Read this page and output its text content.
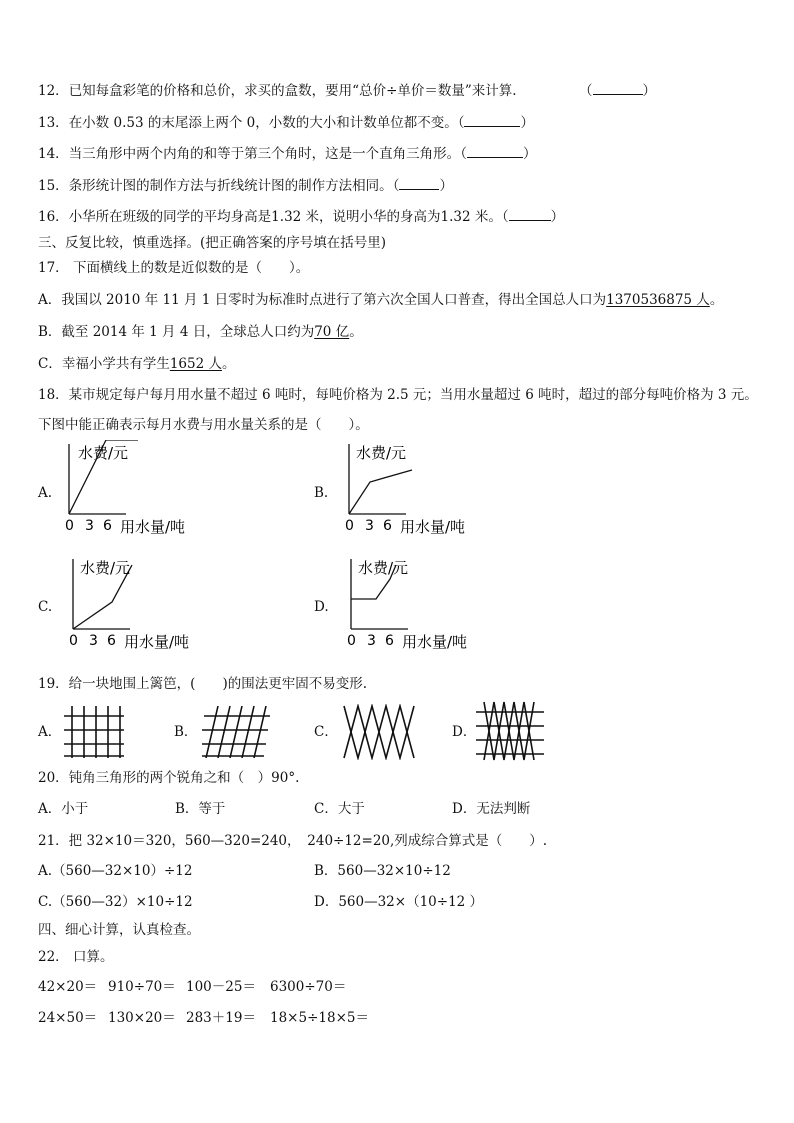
12．已知每盒彩笔的价格和总价，求买的盒数，要用“总价÷单价＝数量”来计算.	（	）
13．在小数 0.53 的末尾添上两个 0，小数的大小和计数单位都不变。（	）
14．当三角形中两个内角的和等于第三个角时，这是一个直角三角形。（	）
15．条形统计图的制作方法与折线统计图的制作方法相同。（	）
16．小华所在班级的同学的平均身高是1.32 米，说明小华的身高为1.32 米。（	）
三、反复比较，慎重选择。(把正确答案的序号填在括号里)
17． 下面横线上的数是近似数的是（　　）。
A．我国以 2010 年 11 月 1 日零时为标准时点进行了第六次全国人口普查，得出全国总人口为1370536875 人。
B．截至 2014 年 1 月 4 日，全球总人口约为70 亿。
C．幸福小学共有学生1652 人。
18．某市规定每户每月用水量不超过 6 吨时，每吨价格为 2.5 元；当用水量超过 6 吨时，超过的部分每吨价格为 3 元。
下图中能正确表示每月水费与用水量关系的是（　　）。
A.	B.
C.	D.
水费/元
0 3 6 用水量/吨
水费/元
0 3 6 用水量/吨
水费/元
0 3 6 用水量/吨
水费/元
0 3 6 用水量/吨
19．给一块地围上篱笆，(　　)的围法更牢固不易变形.
A．	B．	C．	D．
20．钝角三角形的两个锐角之和（　）90°.
A．小于	B．等于	C．大于	D．无法判断
21．把 32×10＝320，560—320=240，　240÷12=20,列成综合算式是（　　）.
A.（560—32×10）÷12	B．560—32×10÷12
C.（560—32）×10÷12	D．560—32×（10÷12 ）
四、细心计算，认真检查。
22． 口算。
42×20＝ 910÷70＝ 100－25＝ 6300÷70＝
24×50＝ 130×20＝ 283＋19＝ 18×5÷18×5＝
